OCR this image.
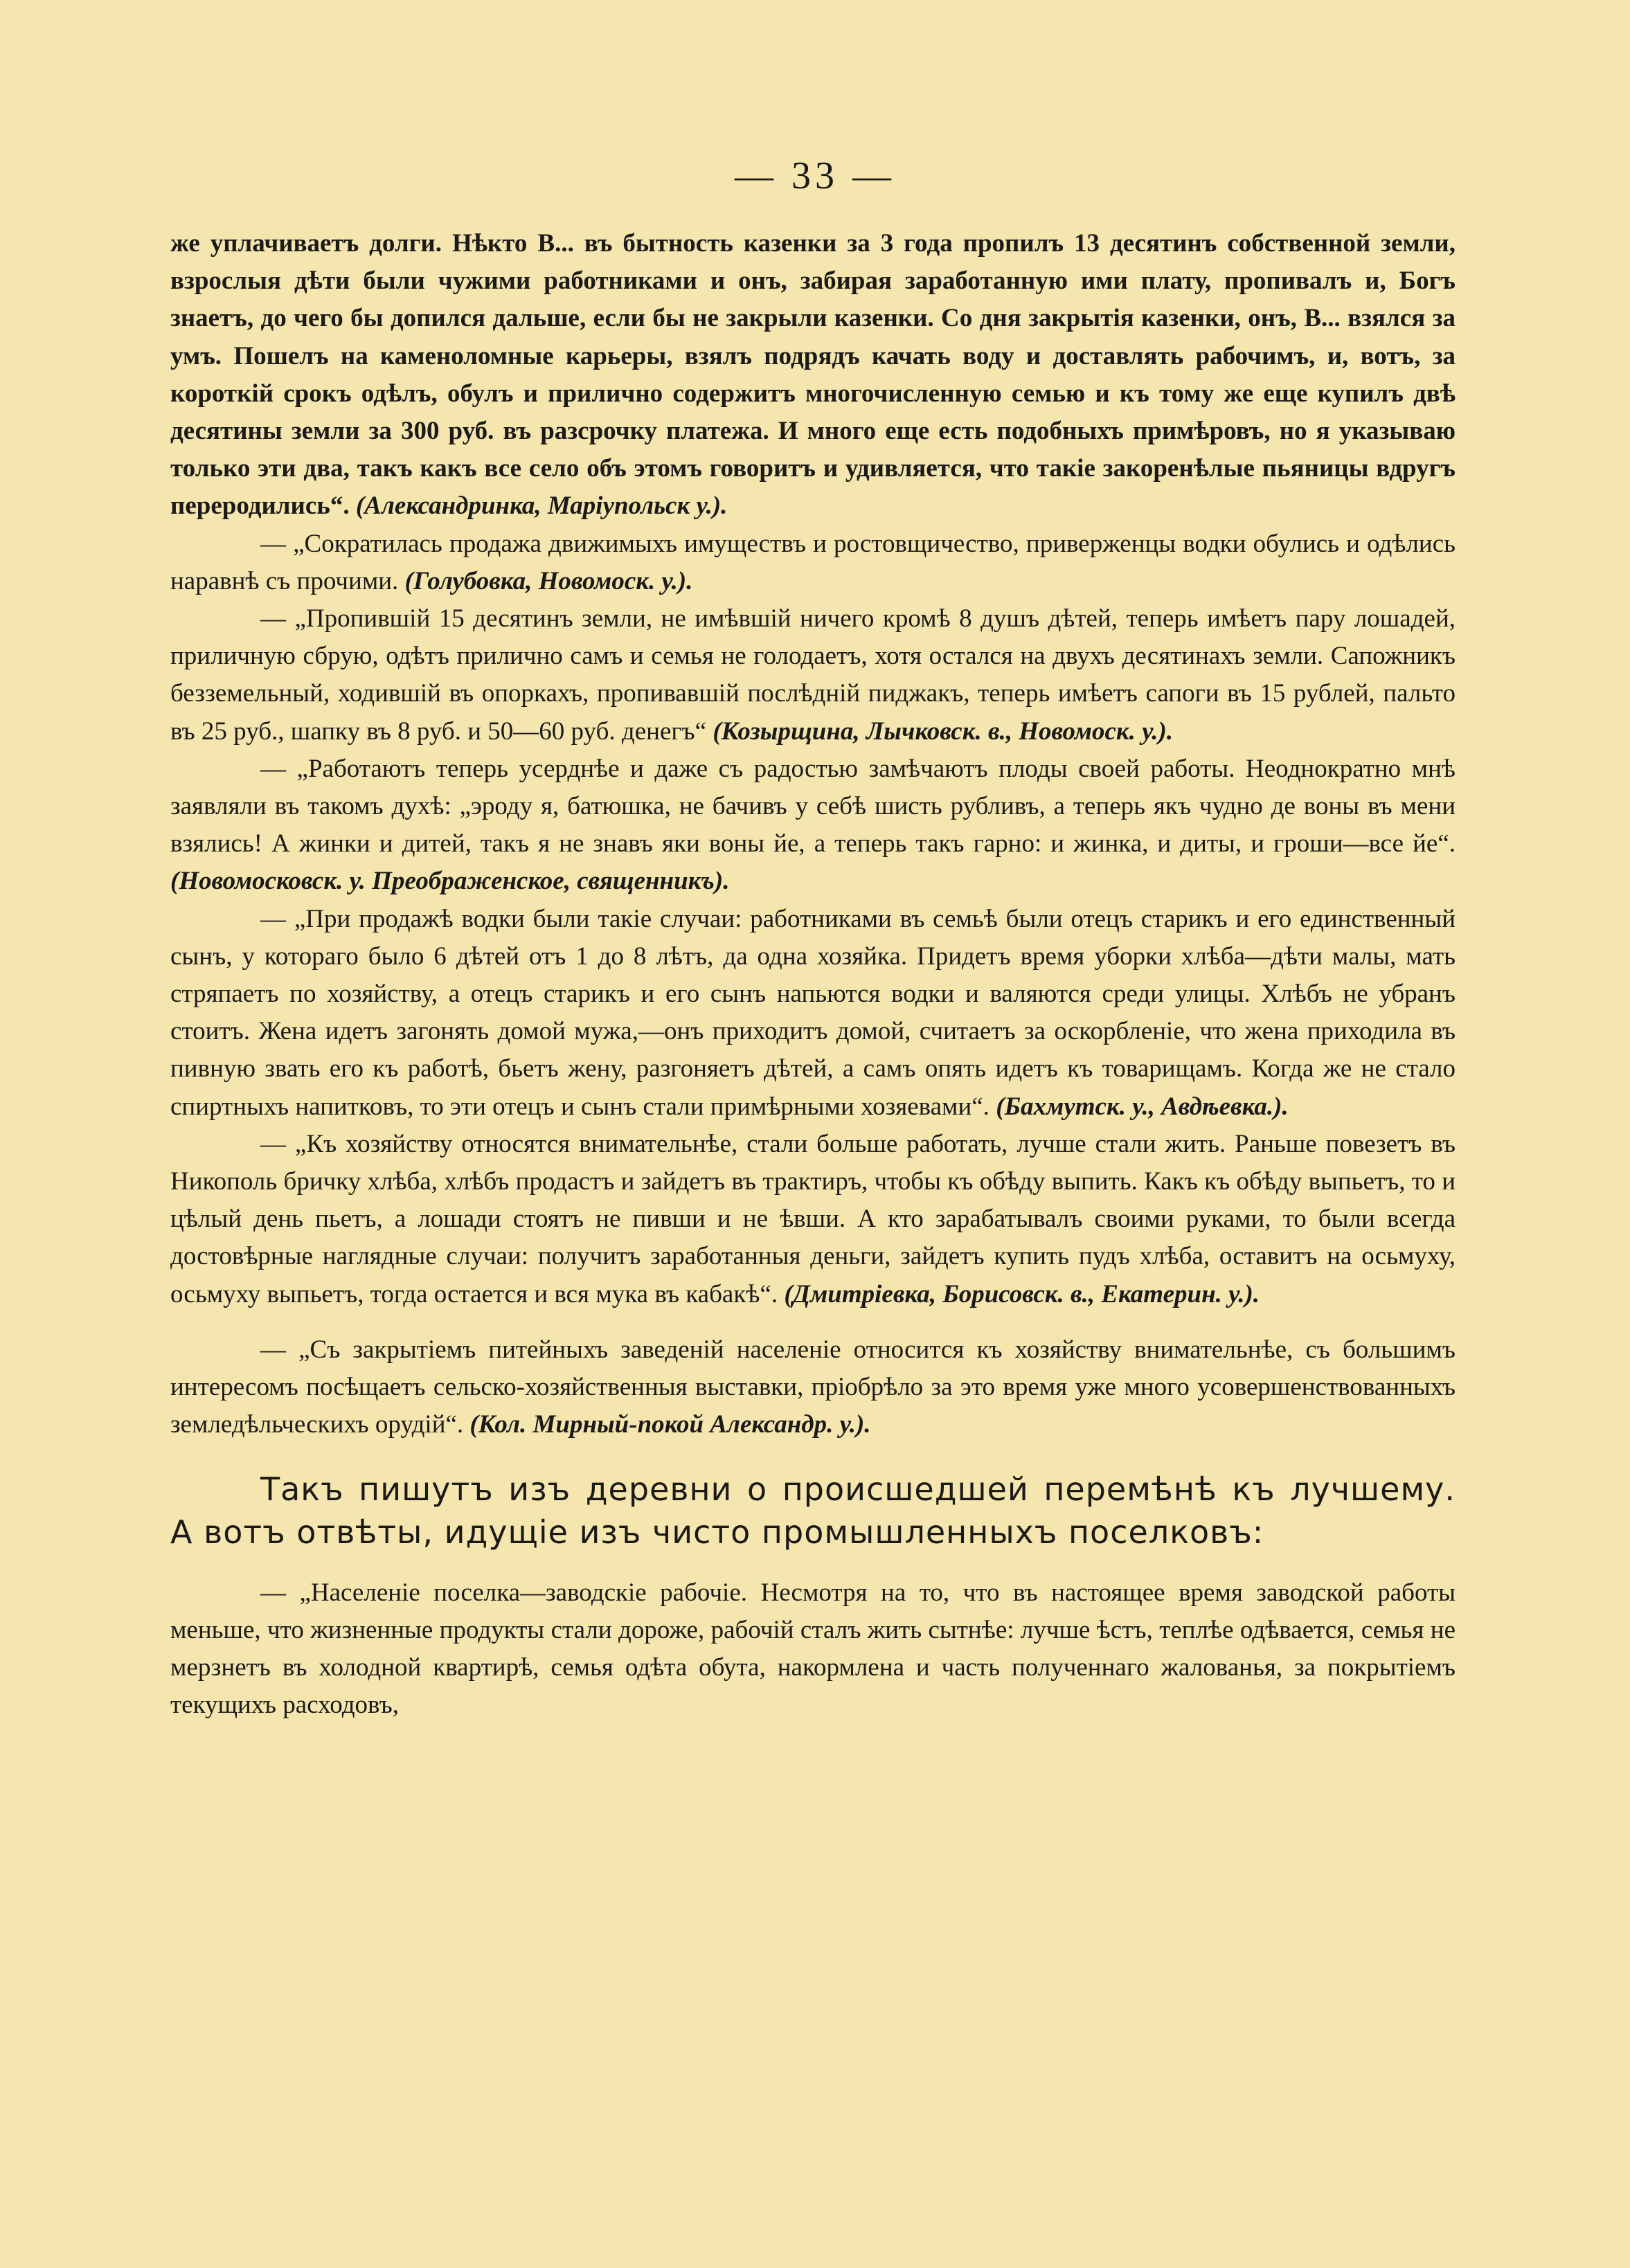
— 33 —

же уплачиваетъ долги. Нѣкто В... въ бытность казенки за 3 года пропилъ 13 десятинъ собственной земли, взрослыя дѣти были чужими работниками и онъ, забирая заработанную ими плату, пропивалъ и, Богъ знаетъ, до чего бы допился дальше, если бы не закрыли казенки. Со дня закрытія казенки, онъ, В... взялся за умъ. Пошелъ на каменоломные карьеры, взялъ подрядъ качать воду и доставлять рабочимъ, и, вотъ, за короткій срокъ одѣлъ, обулъ и прилично содержитъ многочисленную семью и къ тому же еще купилъ двѣ десятины земли за 300 руб. въ разсрочку платежа. И много еще есть подобныхъ примѣровъ, но я указываю только эти два, такъ какъ все село объ этомъ говоритъ и удивляется, что такіе закоренѣлые пьяницы вдругъ переродились“. (Александринка, Маріупольск у.).

— „Сократилась продажа движимыхъ имуществъ и ростовщичество, приверженцы водки обулись и одѣлись наравнѣ съ прочими. (Голубовка, Новомоск. у.).

— „Пропившій 15 десятинъ земли, не имѣвшій ничего кромѣ 8 душъ дѣтей, теперь имѣетъ пару лошадей, приличную сбрую, одѣтъ прилично самъ и семья не голодаетъ, хотя остался на двухъ десятинахъ земли. Сапожникъ безземельный, ходившій въ опоркахъ, пропивавшій послѣдній пиджакъ, теперь имѣетъ сапоги въ 15 рублей, пальто въ 25 руб., шапку въ 8 руб. и 50—60 руб. денегъ“ (Козырщина, Лычковск. в., Новомоск. у.).

— „Работаютъ теперь усерднѣе и даже съ радостью замѣчаютъ плоды своей работы. Неоднократно мнѣ заявляли въ такомъ духѣ: „эроду я, батюшка, не бачивъ у себѣ шисть рубливъ, а теперь якъ чудно де воны въ мени взялись! А жинки и дитей, такъ я не знавъ яки воны йе, а теперь такъ гарно: и жинка, и диты, и гроши—все йе“. (Новомосковск. у. Преображенское, священникъ).

— „При продажѣ водки были такіе случаи: работниками въ семьѣ были отецъ старикъ и его единственный сынъ, у котораго было 6 дѣтей отъ 1 до 8 лѣтъ, да одна хозяйка. Придетъ время уборки хлѣба—дѣти малы, мать стряпаетъ по хозяйству, а отецъ старикъ и его сынъ напьются водки и валяются среди улицы. Хлѣбъ не убранъ стоитъ. Жена идетъ загонять домой мужа,—онъ приходитъ домой, считаетъ за оскорбленіе, что жена приходила въ пивную звать его къ работѣ, бьетъ жену, разгоняетъ дѣтей, а самъ опять идетъ къ товарищамъ. Когда же не стало спиртныхъ напитковъ, то эти отецъ и сынъ стали примѣрными хозяевами“. (Бахмутск. у., Авдѣевка.).

— „Къ хозяйству относятся внимательнѣе, стали больше работать, лучше стали жить. Раньше повезетъ въ Никополь бричку хлѣба, хлѣбъ продастъ и зайдетъ въ трактиръ, чтобы къ обѣду выпить. Какъ къ обѣду выпьетъ, то и цѣлый день пьетъ, а лошади стоятъ не пивши и не ѣвши. А кто зарабатывалъ своими руками, то были всегда достовѣрные наглядные случаи: получитъ заработанныя деньги, зайдетъ купить пудъ хлѣба, оставитъ на осьмуху, осьмуху выпьетъ, тогда остается и вся мука въ кабакѣ“. (Дмитріевка, Борисовск. в., Екатерин. у.).

— „Съ закрытіемъ питейныхъ заведеній населеніе относится къ хозяйству внимательнѣе, съ большимъ интересомъ посѣщаетъ сельско-хозяйственныя выставки, пріобрѣло за это время уже много усовершенствованныхъ земледѣльческихъ орудій“. (Кол. Мирный-покой Александр. у.).

Такъ пишутъ изъ деревни о происшедшей перемѣнѣ къ лучшему. А вотъ отвѣты, идущіе изъ чисто промышленныхъ поселковъ:

— „Населеніе поселка—заводскіе рабочіе. Несмотря на то, что въ настоящее время заводской работы меньше, что жизненные продукты стали дороже, рабочій сталъ жить сытнѣе: лучше ѣстъ, теплѣе одѣвается, семья не мерзнетъ въ холодной квартирѣ, семья одѣта обута, накормлена и часть полученнаго жалованья, за покрытіемъ текущихъ расходовъ,
